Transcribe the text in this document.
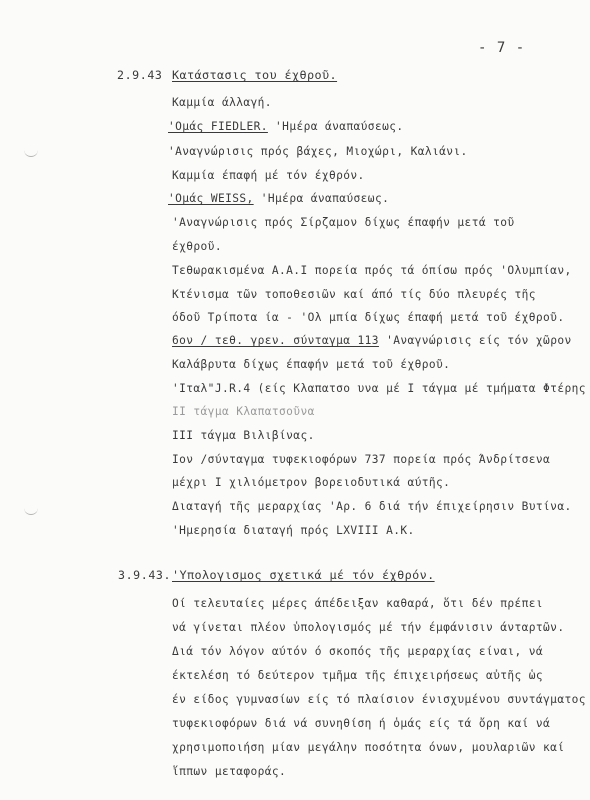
- 7 -
2.9.43 Κατάστασις του έχθροῦ.
Καμμία άλλαγή.
'Ομάς FIEDLER. 'Ημέρα άναπαύσεως.
'Αναγνώρισις πρός βάχες, Μιοχώρι, Καλιάνι.
Καμμία έπαφή μέ τόν έχθρόν.
'Ομάς WEISS, 'Ημέρα άναπαύσεως.
'Αναγνώρισις πρός Σίρζαμον δίχως έπαφήν μετά τοῦ
έχθροῦ.
Τεθωρακισμένα Α.Α.Ι πορεία πρός τά όπίσω πρός 'Ολυμπίαν,
Κτένισμα τῶν τοποθεσιῶν καί άπό τίς δύο πλευρές τῆς
όδοῦ Τρίποτα ία - 'Ολ μπία δίχως έπαφή μετά τοῦ έχθροῦ.
6ον / τεθ. γρεν. σύνταγμα 113 'Αναγνώρισις είς τόν χῶρον
Καλάβρυτα δίχως έπαφήν μετά τοῦ έχθροῦ.
'Ιταλ"J.R.4 (είς Κλαπατσο υνα μέ Ι τάγμα μέ τμήματα Φτέρης
ΙΙ τάγμα Κλαπατσοῦνα
ΙΙΙ τάγμα Βιλιβίνας.
Ιον /σύνταγμα τυφεκιοφόρων 737 πορεία πρός Άνδρίτσενα
μέχρι Ι χιλιόμετρον βορειοδυτικά αύτῆς.
Διαταγή τῆς μεραρχίας 'Αρ. 6 διά τήν έπιχείρησιν Βυτίνα.
'Ημερησία διαταγή πρός LXVIII Α.Κ.
3.9.43. 'Υπολογισμος σχετικά μέ τόν έχθρόν.
Οί τελευταίες μέρες άπέδειξαν καθαρά, ὅτι δέν πρέπει
νά γίνεται πλέον ὑπολογισμός μέ τήν έμφάνισιν άνταρτῶν.
Διά τόν λόγον αύτόν ό σκοπός τῆς μεραρχίας είναι, νά
έκτελέση τό δεύτερον τμῆμα τῆς έπιχειρήσεως αὐτῆς ὡς
έν είδος γυμνασίων είς τό πλαίσιον ένισχυμένου συντάγματος
τυφεκιοφόρων διά νά συνηθίση ή ὁμάς είς τά ὄρη καί νά
χρησιμοποιήση μίαν μεγάλην ποσότητα όνων, μουλαριῶν καί
ἵππων μεταφοράς.
